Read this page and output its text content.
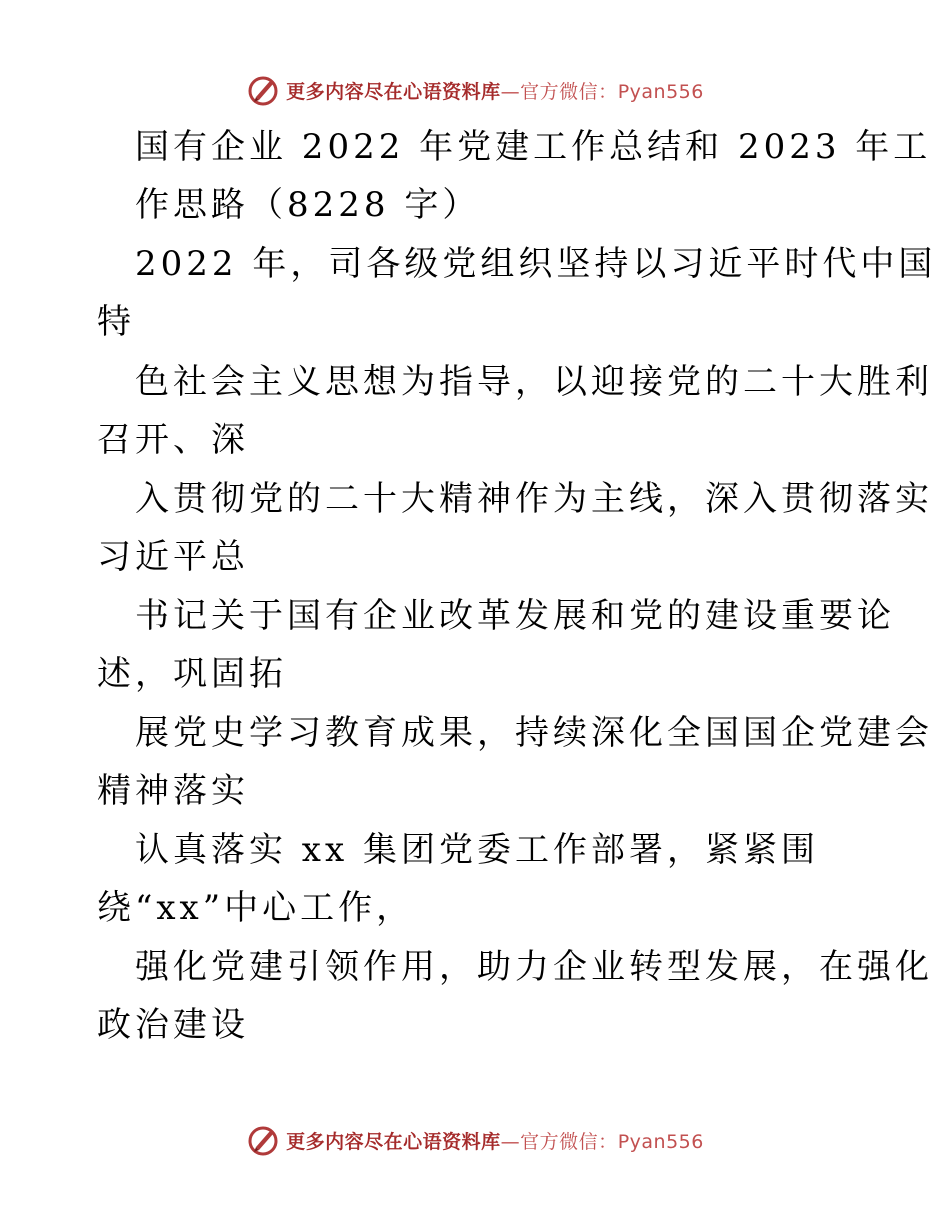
更多内容尽在心语资料库—官方微信：Pyan556
国有企业 2022 年党建工作总结和 2023 年工
作思路（8228 字）
2022 年，司各级党组织坚持以习近平时代中国
特
色社会主义思想为指导，以迎接党的二十大胜利
召开、深
入贯彻党的二十大精神作为主线，深入贯彻落实
习近平总
书记关于国有企业改革发展和党的建设重要论
述，巩固拓
展党史学习教育成果，持续深化全国国企党建会
精神落实
认真落实 xx 集团党委工作部署，紧紧围
绕“xx”中心工作，
强化党建引领作用，助力企业转型发展，在强化
政治建设
更多内容尽在心语资料库—官方微信：Pyan556
